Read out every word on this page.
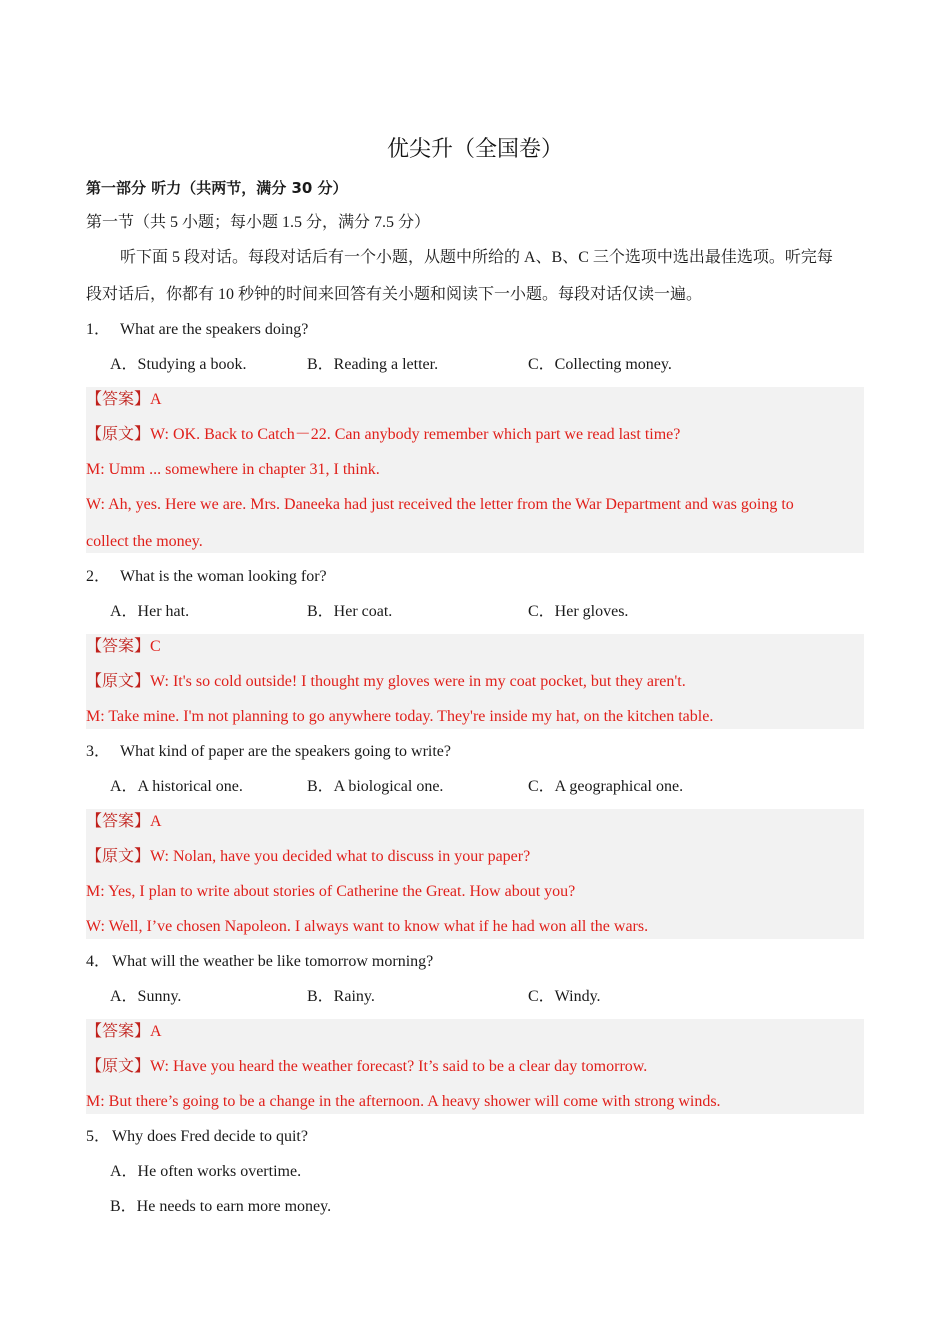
优尖升（全国卷）
第一部分 听力（共两节，满分 30 分）
第一节（共 5 小题；每小题 1.5 分，满分 7.5 分）
听下面 5 段对话。每段对话后有一个小题，从题中所给的 A、B、C 三个选项中选出最佳选项。听完每
段对话后，你都有 10 秒钟的时间来回答有关小题和阅读下一小题。每段对话仅读一遍。
1． What are the speakers doing?
A．Studying a book.	B．Reading a letter.	C．Collecting money.
【答案】A
【原文】W: OK. Back to Catch－22. Can anybody remember which part we read last time?
M: Umm ... somewhere in chapter 31, I think.
W: Ah, yes. Here we are. Mrs. Daneeka had just received the letter from the War Department and was going to
collect the money.
2． What is the woman looking for?
A．Her hat.	B．Her coat.	C．Her gloves.
【答案】C
【原文】W: It's so cold outside! I thought my gloves were in my coat pocket, but they aren't.
M: Take mine. I'm not planning to go anywhere today. They're inside my hat, on the kitchen table.
3． What kind of paper are the speakers going to write?
A．A historical one.	B．A biological one.	C．A geographical one.
【答案】A
【原文】W: Nolan, have you decided what to discuss in your paper?
M: Yes, I plan to write about stories of Catherine the Great. How about you?
W: Well, I’ve chosen Napoleon. I always want to know what if he had won all the wars.
4． What will the weather be like tomorrow morning?
A．Sunny.	B．Rainy.	C．Windy.
【答案】A
【原文】W: Have you heard the weather forecast? It’s said to be a clear day tomorrow.
M: But there’s going to be a change in the afternoon. A heavy shower will come with strong winds.
5． Why does Fred decide to quit?
A．He often works overtime.
B．He needs to earn more money.
